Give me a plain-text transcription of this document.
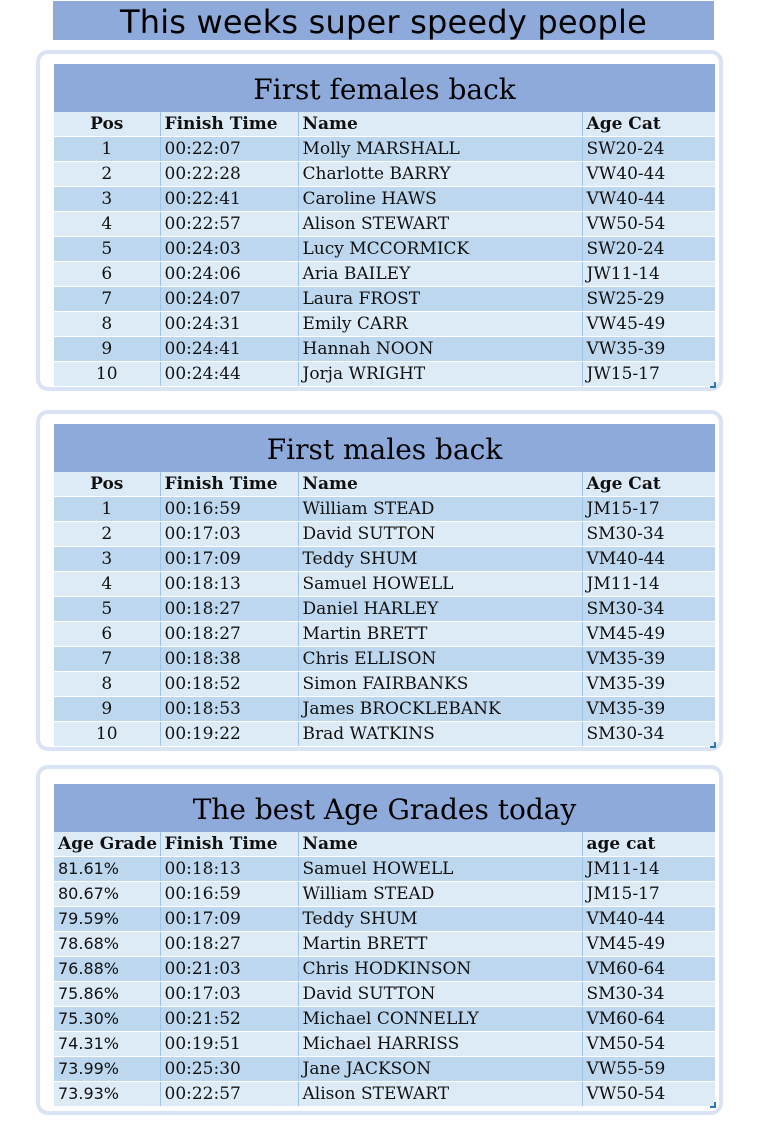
This weeks super speedy people
First females back
Pos	Finish Time	Name	Age Cat
1	00:22:07	Molly MARSHALL	SW20-24
2	00:22:28	Charlotte BARRY	VW40-44
3	00:22:41	Caroline HAWS	VW40-44
4	00:22:57	Alison STEWART	VW50-54
5	00:24:03	Lucy MCCORMICK	SW20-24
6	00:24:06	Aria BAILEY	JW11-14
7	00:24:07	Laura FROST	SW25-29
8	00:24:31	Emily CARR	VW45-49
9	00:24:41	Hannah NOON	VW35-39
10	00:24:44	Jorja WRIGHT	JW15-17
First males back
Pos	Finish Time	Name	Age Cat
1	00:16:59	William STEAD	JM15-17
2	00:17:03	David SUTTON	SM30-34
3	00:17:09	Teddy SHUM	VM40-44
4	00:18:13	Samuel HOWELL	JM11-14
5	00:18:27	Daniel HARLEY	SM30-34
6	00:18:27	Martin BRETT	VM45-49
7	00:18:38	Chris ELLISON	VM35-39
8	00:18:52	Simon FAIRBANKS	VM35-39
9	00:18:53	James BROCKLEBANK	VM35-39
10	00:19:22	Brad WATKINS	SM30-34
The best Age Grades today
Age Grade	Finish Time	Name	age cat
81.61%	00:18:13	Samuel HOWELL	JM11-14
80.67%	00:16:59	William STEAD	JM15-17
79.59%	00:17:09	Teddy SHUM	VM40-44
78.68%	00:18:27	Martin BRETT	VM45-49
76.88%	00:21:03	Chris HODKINSON	VM60-64
75.86%	00:17:03	David SUTTON	SM30-34
75.30%	00:21:52	Michael CONNELLY	VM60-64
74.31%	00:19:51	Michael HARRISS	VM50-54
73.99%	00:25:30	Jane JACKSON	VW55-59
73.93%	00:22:57	Alison STEWART	VW50-54
